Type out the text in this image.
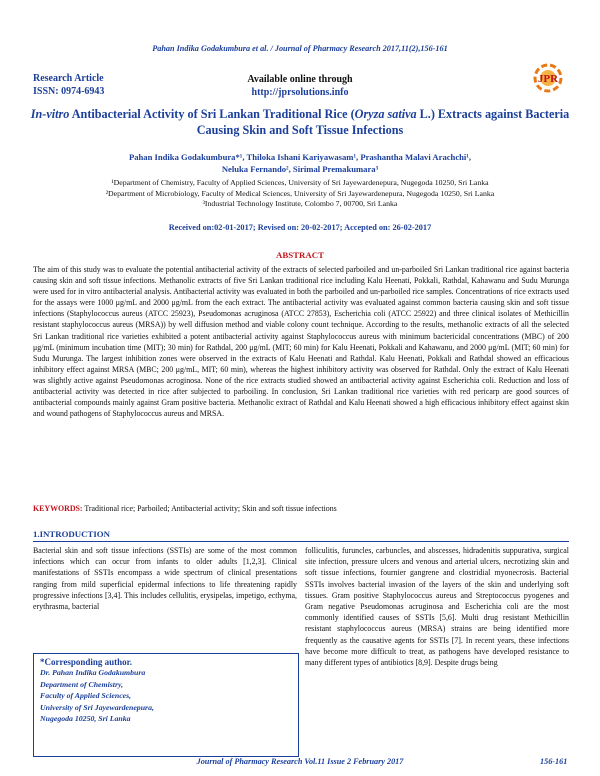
Pahan Indika Godakumbura et al. / Journal of Pharmacy Research 2017,11(2),156-161
Research Article
ISSN: 0974-6943
Available online through
http://jprsolutions.info
JPR
In-vitro Antibacterial Activity of Sri Lankan Traditional Rice (Oryza sativa L.) Extracts against Bacteria Causing Skin and Soft Tissue Infections
Pahan Indika Godakumbura*¹, Thiloka Ishani Kariyawasam¹, Prashantha Malavi Arachchi¹,
Neluka Fernando², Sirimal Premakumara³
¹Department of Chemistry, Faculty of Applied Sciences, University of Sri Jayewardenepura, Nugegoda 10250, Sri Lanka
²Department of Microbiology, Faculty of Medical Sciences, University of Sri Jayewardenepura, Nugegoda 10250, Sri Lanka
³Industrial Technology Institute, Colombo 7, 00700, Sri Lanka
Received on:02-01-2017; Revised on: 20-02-2017; Accepted on: 26-02-2017
ABSTRACT
The aim of this study was to evaluate the potential antibacterial activity of the extracts of selected parboiled and un-parboiled Sri Lankan traditional rice against bacteria causing skin and soft tissue infections. Methanolic extracts of five Sri Lankan traditional rice including Kalu Heenati, Pokkali, Rathdal, Kahawanu and Sudu Murunga were used for in vitro antibacterial analysis. Antibacterial activity was evaluated in both the parboiled and un-parboiled rice samples. Concentrations of rice extracts used for the assays were 1000 μg/mL and 2000 μg/mL from the each extract. The antibacterial activity was evaluated against common bacteria causing skin and soft tissue infections (Staphylococcus aureus (ATCC 25923), Pseudomonas acruginosa (ATCC 27853), Escherichia coli (ATCC 25922) and three clinical isolates of Methicillin resistant staphylococcus aureus (MRSA)) by well diffusion method and viable colony count technique. According to the results, methanolic extracts of all the selected Sri Lankan traditional rice varieties exhibited a potent antibacterial activity against Staphylococcus aureus with minimum bactericidal concentrations (MBC) of 200 μg/mL (minimum incubation time (MIT); 30 min) for Rathdal, 200 μg/mL (MIT; 60 min) for Kalu Heenati, Pokkali and Kahawanu, and 2000 μg/mL (MIT; 60 min) for Sudu Murunga. The largest inhibition zones were observed in the extracts of Kalu Heenati and Rathdal. Kalu Heenati, Pokkali and Rathdal showed an efficacious inhibitory effect against MRSA (MBC; 200 μg/mL, MIT; 60 min), whereas the highest inhibitory activity was observed for Rathdal. Only the extract of Kalu Heenati was slightly active against Pseudomonas acroginosa. None of the rice extracts studied showed an antibacterial activity against Escherichia coli. Reduction and loss of antibacterial activity was detected in rice after subjected to parboiling. In conclusion, Sri Lankan traditional rice varieties with red pericarp are good sources of antibacterial compounds mainly against Gram positive bacteria. Methanolic extract of Rathdal and Kalu Heenati showed a high efficacious inhibitory effect against skin and wound pathogens of Staphylococcus aureus and MRSA.
KEYWORDS: Traditional rice; Parboiled; Antibacterial activity; Skin and soft tissue infections
1.INTRODUCTION
Bacterial skin and soft tissue infections (SSTIs) are some of the most common infections which can occur from infants to older adults [1,2,3]. Clinical manifestations of SSTIs encompass a wide spectrum of clinical presentations ranging from mild superficial epidermal infections to life threatening rapidly progressive infections [3,4]. This includes cellulitis, erysipelas, impetigo, ecthyma, erythrasma, bacterial
folliculitis, furuncles, carbuncles, and abscesses, hidradenitis suppurativa, surgical site infection, pressure ulcers and venous and arterial ulcers, necrotizing skin and soft tissue infections, fournier gangrene and clostridial myonecrosis. Bacterial SSTIs involves bacterial invasion of the layers of the skin and underlying soft tissues. Gram positive Staphylococcus aureus and Streptococcus pyogenes and Gram negative Pseudomonas acruginosa and Escherichia coli are the most commonly identified causes of SSTIs [5,6]. Multi drug resistant Methicillin resistant staphylococcus aureus (MRSA) strains are being identified more frequently as the causative agents for SSTIs [7]. In recent years, these infections have become more difficult to treat, as pathogens have developed resistance to many different types of antibiotics [8,9]. Despite drugs being
*Corresponding author.
Dr. Pahan Indika Godakumbura
Department of Chemistry,
Faculty of Applied Sciences,
University of Sri Jayewardenepura,
Nugegoda 10250, Sri Lanka
Journal of Pharmacy Research Vol.11 Issue 2 February 2017	156-161
